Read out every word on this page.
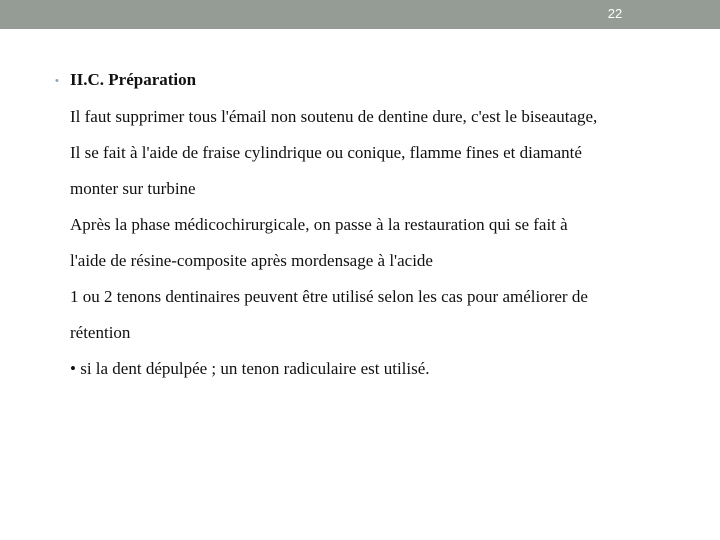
22
• II.C. Préparation
Il faut supprimer tous l'émail non soutenu de dentine dure, c'est le biseautage,
Il se fait à l'aide de fraise cylindrique ou conique, flamme fines et diamanté
monter sur turbine
Après la phase médicochirurgicale, on passe à la restauration qui se fait à
l'aide de résine-composite après mordensage à l'acide
1 ou 2 tenons dentinaires peuvent être utilisé selon les cas pour améliorer de
rétention
• si la dent dépulpée ; un tenon radiculaire est utilisé.
